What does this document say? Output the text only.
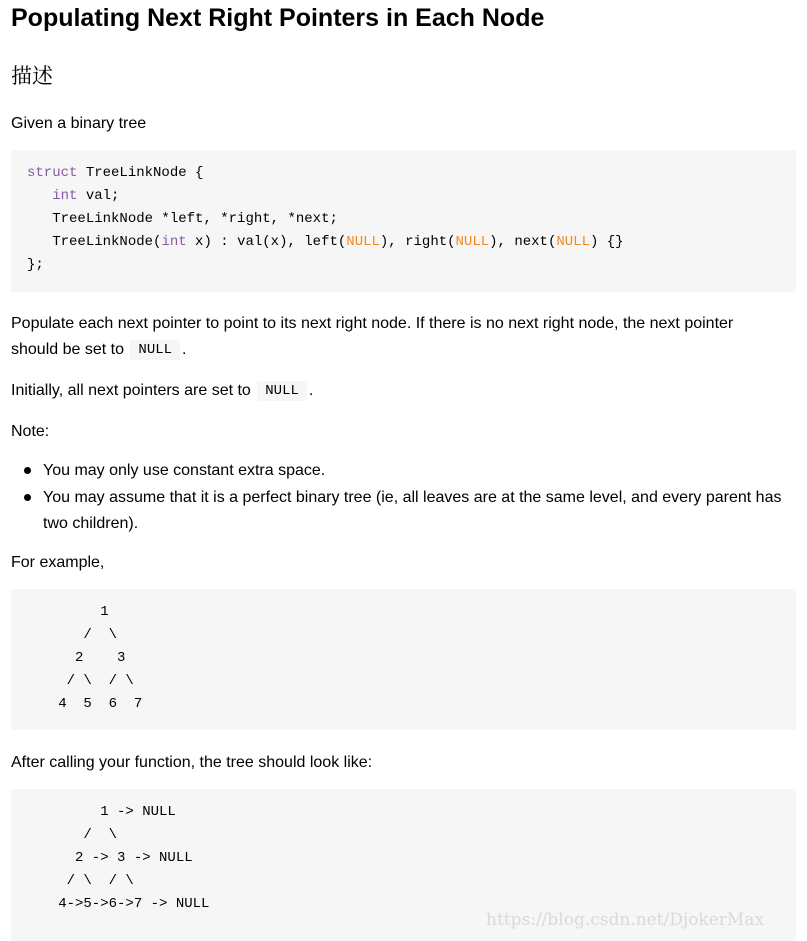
Populating Next Right Pointers in Each Node
描述
Given a binary tree
struct TreeLinkNode {
int val;
TreeLinkNode *left, *right, *next;
TreeLinkNode(int x) : val(x), left(NULL), right(NULL), next(NULL) {}
};
Populate each next pointer to point to its next right node. If there is no next right node, the next pointer
should be set to NULL .
Initially, all next pointers are set to NULL .
Note:
You may only use constant extra space.
You may assume that it is a perfect binary tree (ie, all leaves are at the same level, and every parent has two children).
For example,
1
/  \
2    3
/ \  / \
4  5  6  7
After calling your function, the tree should look like:
1 -> NULL
/  \
2 -> 3 -> NULL
/ \  / \
4->5->6->7 -> NULL
https://blog.csdn.net/DjokerMax
